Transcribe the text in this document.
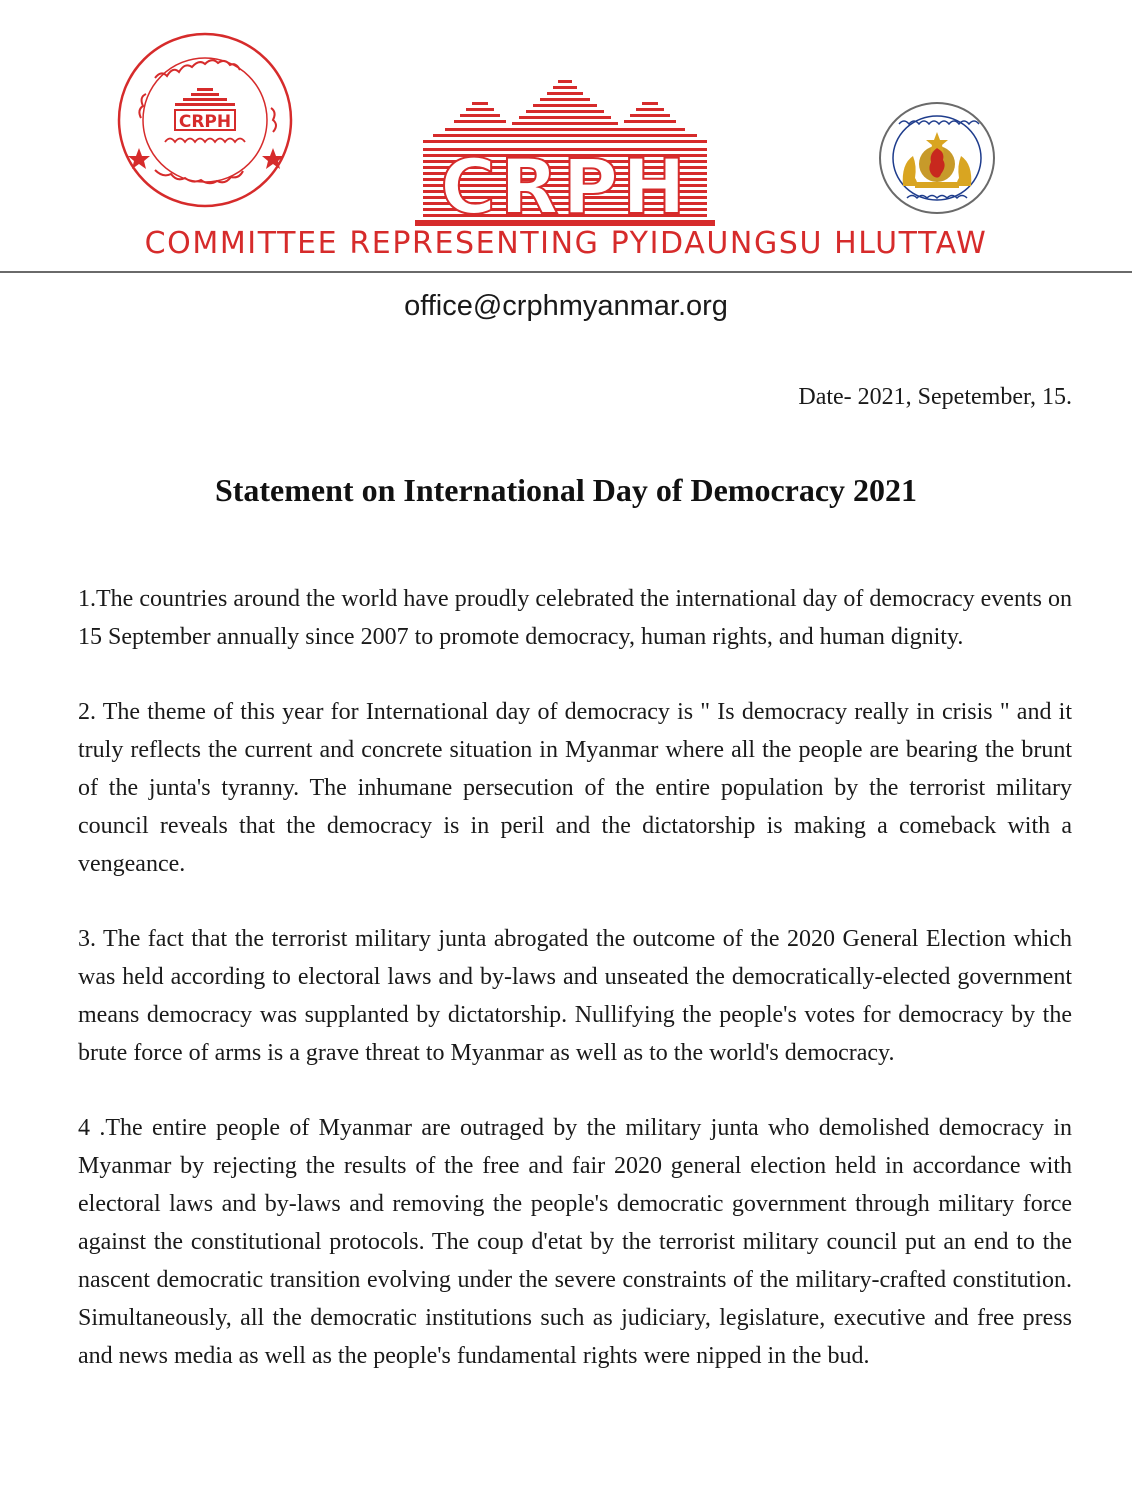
CRPH
CRPH
COMMITTEE REPRESENTING PYIDAUNGSU HLUTTAW
office@crphmyanmar.org
Date- 2021, Sepetember, 15.
Statement on International Day of Democracy 2021

1.The countries around the world have proudly celebrated the international day of democracy events on 15 September annually since 2007 to promote democracy, human rights, and human dignity.

2. The theme of this year for International day of democracy is " Is democracy really in crisis " and it truly reflects the current and concrete situation in Myanmar where all the people are bearing the brunt of the junta's tyranny. The inhumane persecution of the entire population by the terrorist military council reveals that the democracy is in peril and the dictatorship is making a comeback with a vengeance.

3. The fact that the terrorist military junta abrogated the outcome of the 2020 General Election which was held according to electoral laws and by-laws and unseated the democratically-elected government means democracy was supplanted by dictatorship. Nullifying the people's votes for democracy by the brute force of arms is a grave threat to Myanmar as well as to the world's democracy.

4 .The entire people of Myanmar are outraged by the military junta who demolished democracy in Myanmar by rejecting the results of the free and fair 2020 general election held in accordance with electoral laws and by-laws and removing the people's democratic government through military force against the constitutional protocols. The coup d'etat by the terrorist military council put an end to the nascent democratic transition evolving under the severe constraints of the military-crafted constitution. Simultaneously, all the democratic institutions such as judiciary, legislature, executive and free press and news media as well as the people's fundamental rights were nipped in the bud.
